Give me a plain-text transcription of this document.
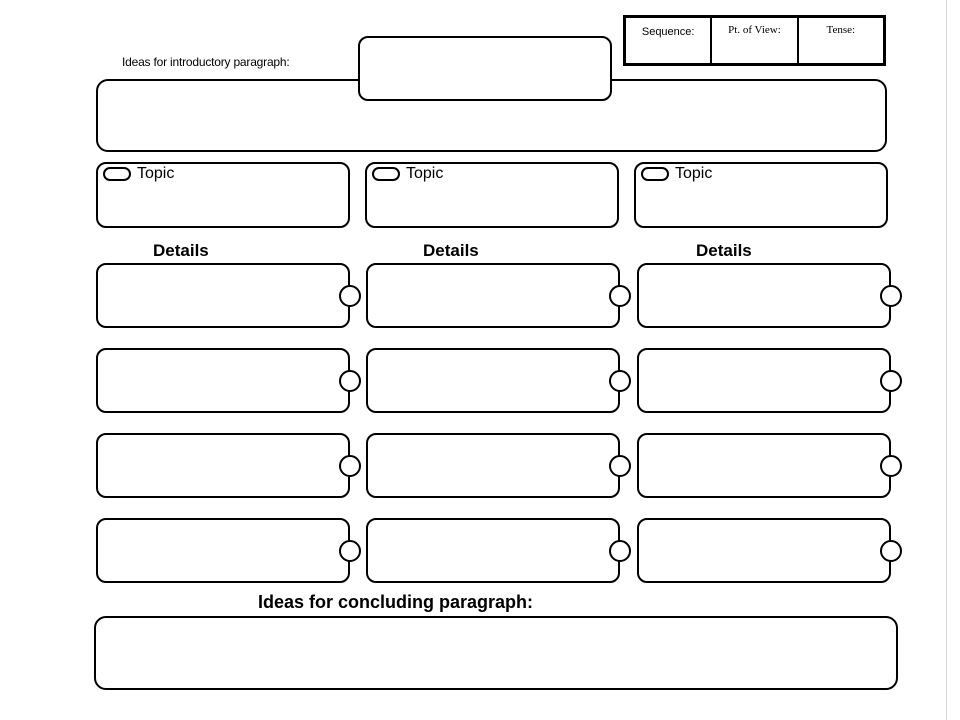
Sequence:	Pt. of View:	Tense:
Ideas for introductory paragraph:
Topic	Topic	Topic
Details	Details	Details
Ideas for concluding paragraph:
